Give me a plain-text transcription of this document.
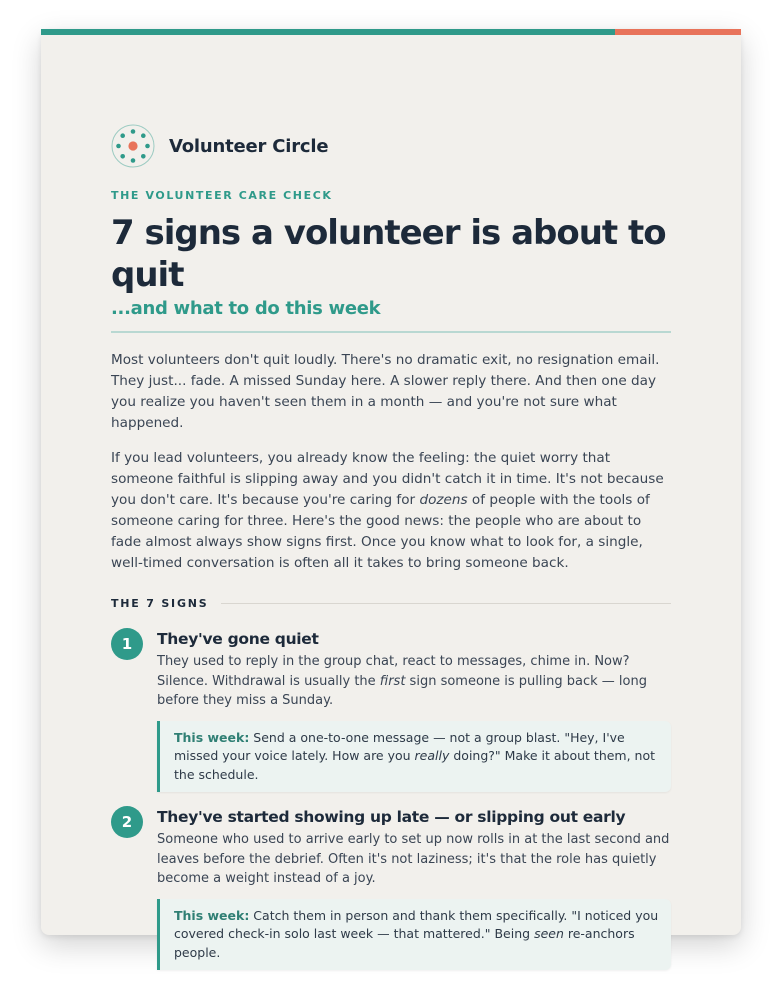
Volunteer Circle
THE VOLUNTEER CARE CHECK
7 signs a volunteer is about to quit
...and what to do this week

Most volunteers don't quit loudly. There's no dramatic exit, no resignation email. They just... fade. A missed Sunday here. A slower reply there. And then one day you realize you haven't seen them in a month — and you're not sure what happened.

If you lead volunteers, you already know the feeling: the quiet worry that someone faithful is slipping away and you didn't catch it in time. It's not because you don't care. It's because you're caring for dozens of people with the tools of someone caring for three. Here's the good news: the people who are about to fade almost always show signs first. Once you know what to look for, a single, well-timed conversation is often all it takes to bring someone back.

THE 7 SIGNS
1	They've gone quiet

They used to reply in the group chat, react to messages, chime in. Now? Silence. Withdrawal is usually the first sign someone is pulling back — long before they miss a Sunday.

This week: Send a one-to-one message — not a group blast. "Hey, I've missed your voice lately. How are you really doing?" Make it about them, not the schedule.
2	They've started showing up late — or slipping out early

Someone who used to arrive early to set up now rolls in at the last second and leaves before the debrief. Often it's not laziness; it's that the role has quietly become a weight instead of a joy.

This week: Catch them in person and thank them specifically. "I noticed you covered check-in solo last week — that mattered." Being seen re-anchors people.
